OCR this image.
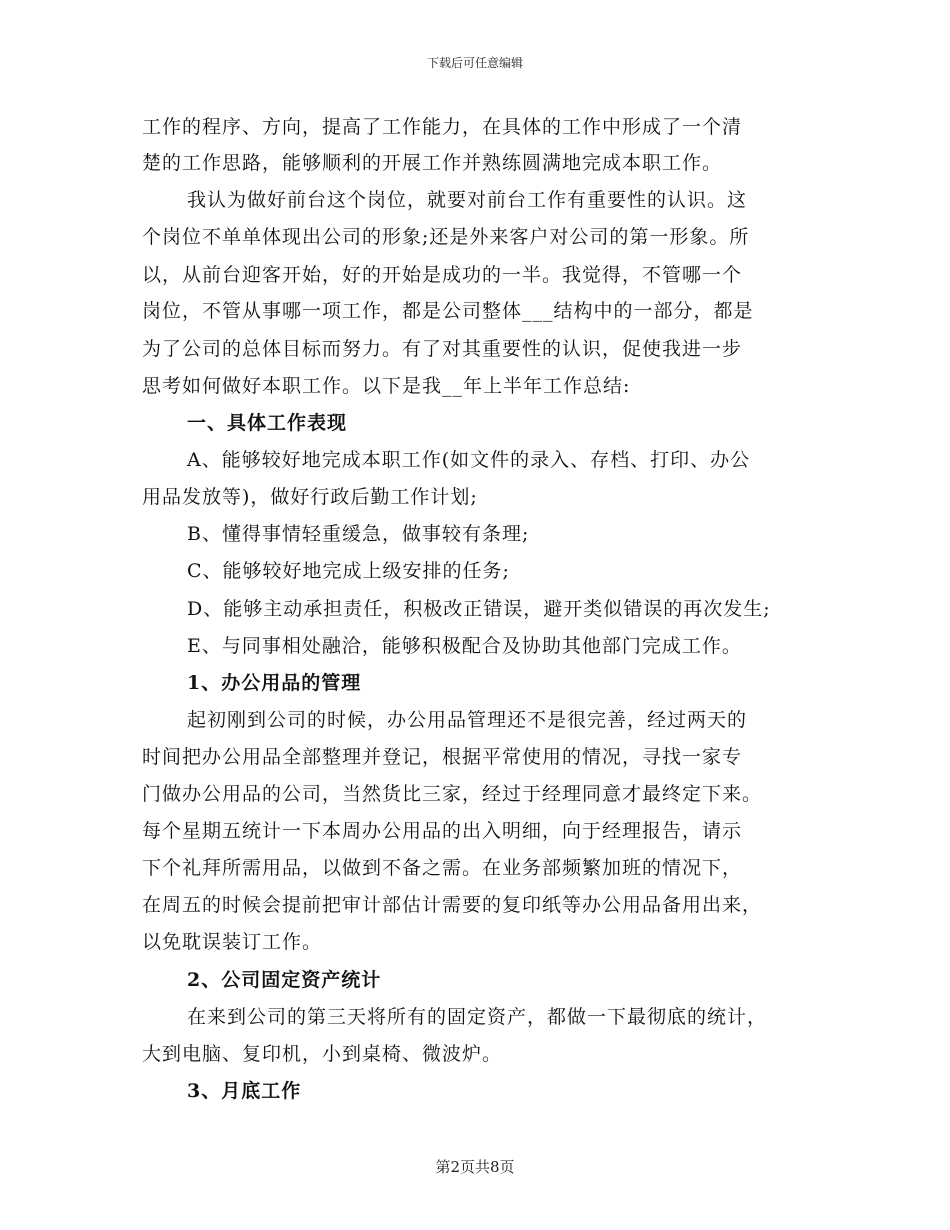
下载后可任意编辑
工作的程序、方向，提高了工作能力，在具体的工作中形成了一个清
楚的工作思路，能够顺利的开展工作并熟练圆满地完成本职工作。
我认为做好前台这个岗位，就要对前台工作有重要性的认识。这
个岗位不单单体现出公司的形象;还是外来客户对公司的第一形象。所
以，从前台迎客开始，好的开始是成功的一半。我觉得，不管哪一个
岗位，不管从事哪一项工作，都是公司整体___结构中的一部分，都是
为了公司的总体目标而努力。有了对其重要性的认识，促使我进一步
思考如何做好本职工作。以下是我__年上半年工作总结:
一、具体工作表现
A、能够较好地完成本职工作(如文件的录入、存档、打印、办公
用品发放等)，做好行政后勤工作计划;
B、懂得事情轻重缓急，做事较有条理;
C、能够较好地完成上级安排的任务;
D、能够主动承担责任，积极改正错误，避开类似错误的再次发生;
E、与同事相处融洽，能够积极配合及协助其他部门完成工作。
1、办公用品的管理
起初刚到公司的时候，办公用品管理还不是很完善，经过两天的
时间把办公用品全部整理并登记，根据平常使用的情况，寻找一家专
门做办公用品的公司，当然货比三家，经过于经理同意才最终定下来。
每个星期五统计一下本周办公用品的出入明细，向于经理报告，请示
下个礼拜所需用品，以做到不备之需。在业务部频繁加班的情况下，
在周五的时候会提前把审计部估计需要的复印纸等办公用品备用出来，
以免耽误装订工作。
2、公司固定资产统计
在来到公司的第三天将所有的固定资产，都做一下最彻底的统计，
大到电脑、复印机，小到桌椅、微波炉。
3、月底工作
第2页共8页
